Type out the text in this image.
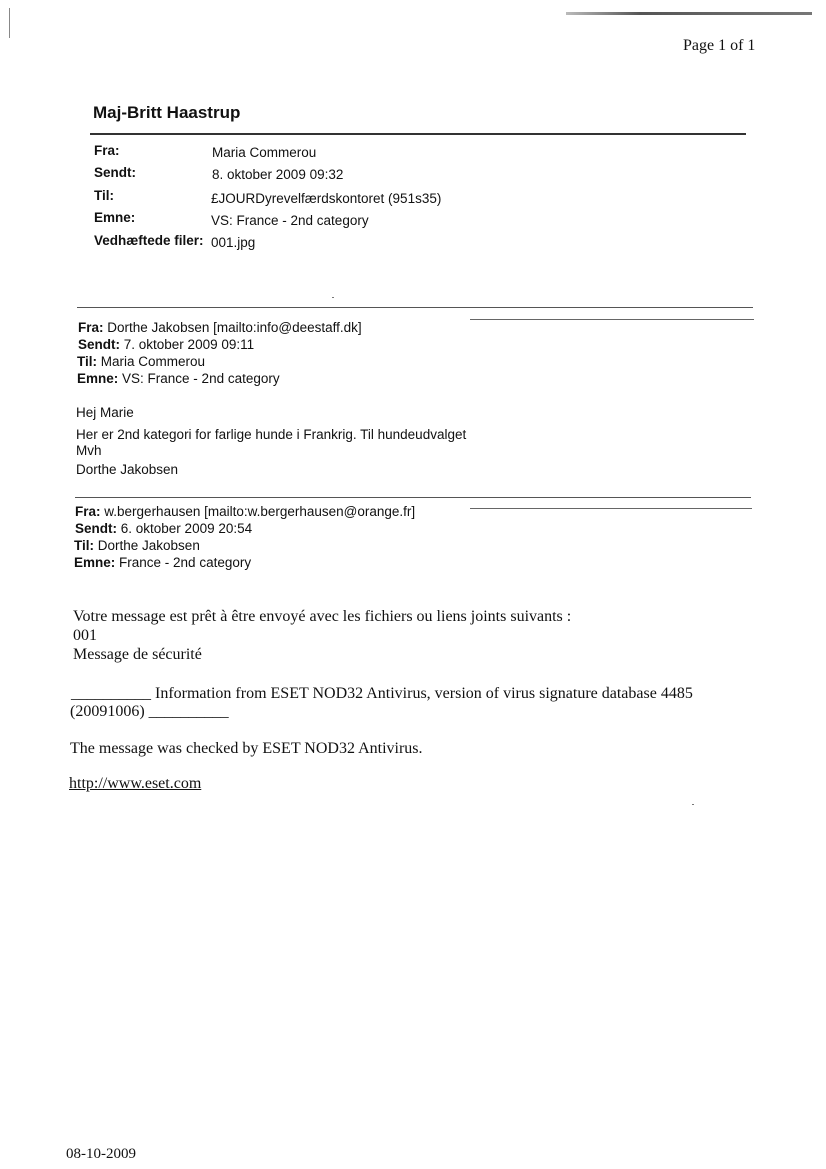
Page 1 of 1
Maj-Britt Haastrup
Fra:	Maria Commerou
Sendt:	8. oktober 2009 09:32
Til:	£JOURDyrevelfærdskontoret (951s35)
Emne:	VS: France - 2nd category
Vedhæftede filer: 001.jpg
Fra: Dorthe Jakobsen [mailto:info@deestaff.dk]
Sendt: 7. oktober 2009 09:11
Til: Maria Commerou
Emne: VS: France - 2nd category
Hej Marie
Her er 2nd kategori for farlige hunde i Frankrig. Til hundeudvalget
Mvh
Dorthe Jakobsen
Fra: w.bergerhausen [mailto:w.bergerhausen@orange.fr]
Sendt: 6. oktober 2009 20:54
Til: Dorthe Jakobsen
Emne: France - 2nd category
Votre message est prêt à être envoyé avec les fichiers ou liens joints suivants :
001
Message de sécurité
__________ Information from ESET NOD32 Antivirus, version of virus signature database 4485
(20091006) __________
The message was checked by ESET NOD32 Antivirus.
http://www.eset.com
08-10-2009
